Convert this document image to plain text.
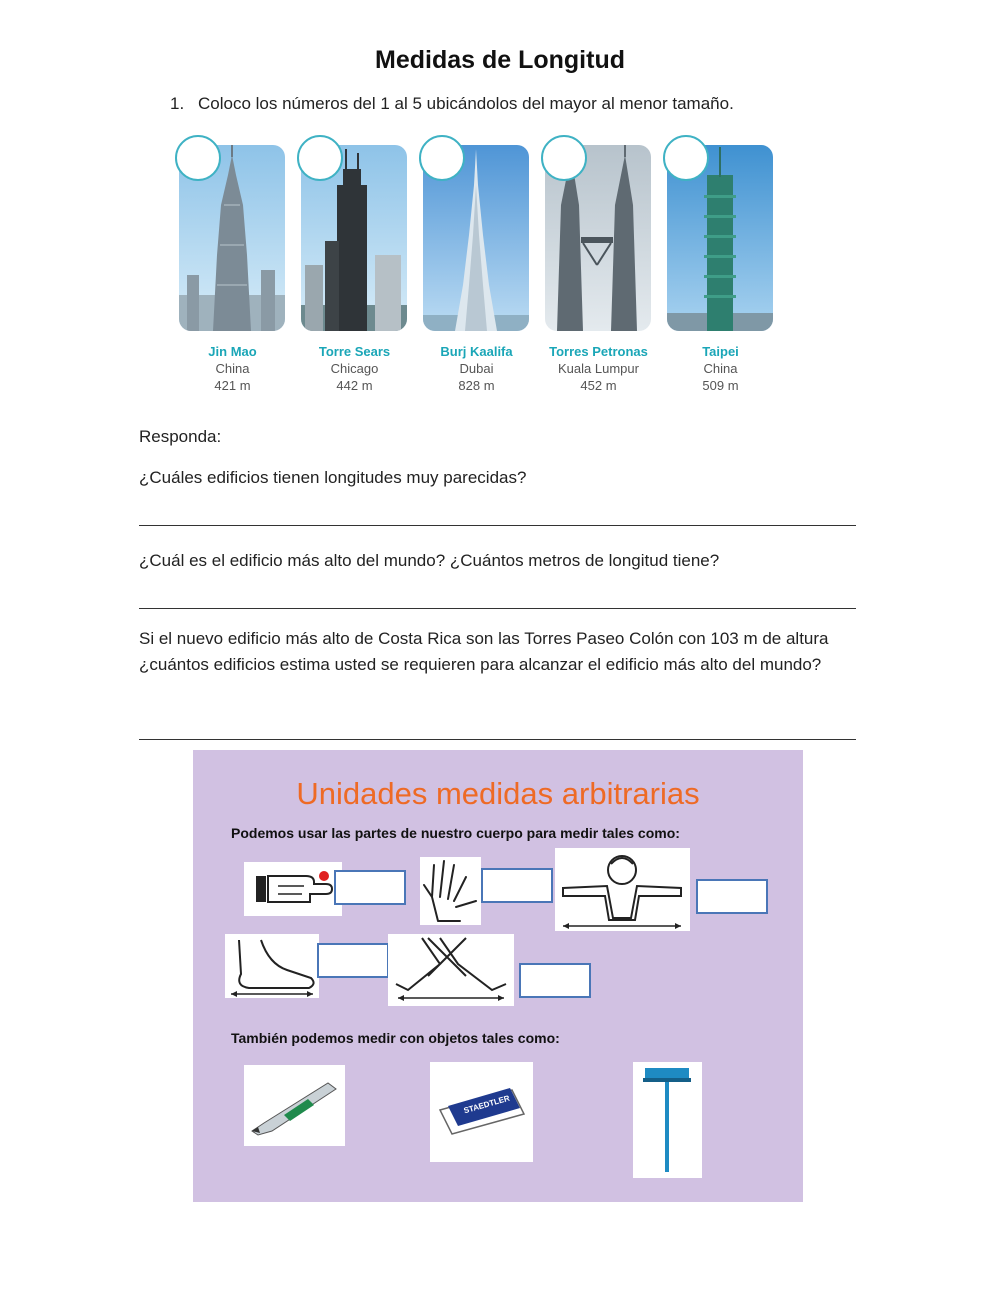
Medidas de Longitud
1. Coloco los números del 1 al 5 ubicándolos del mayor al menor tamaño.
Jin Mao
China
421 m
Torre Sears
Chicago
442 m
Burj Kaalifa
Dubai
828 m
Torres Petronas
Kuala Lumpur
452 m
Taipei
China
509 m
Responda:
¿Cuáles edificios tienen longitudes muy parecidas?
¿Cuál es el edificio más alto del mundo? ¿Cuántos metros de longitud tiene?
Si el nuevo edificio más alto de Costa Rica son las Torres Paseo Colón con 103 m de altura ¿cuántos edificios estima usted se requieren para alcanzar el edificio más alto del mundo?
Unidades medidas arbitrarias
Podemos usar las partes de nuestro cuerpo para medir tales como:
También podemos medir con objetos tales como:
STAEDTLER
